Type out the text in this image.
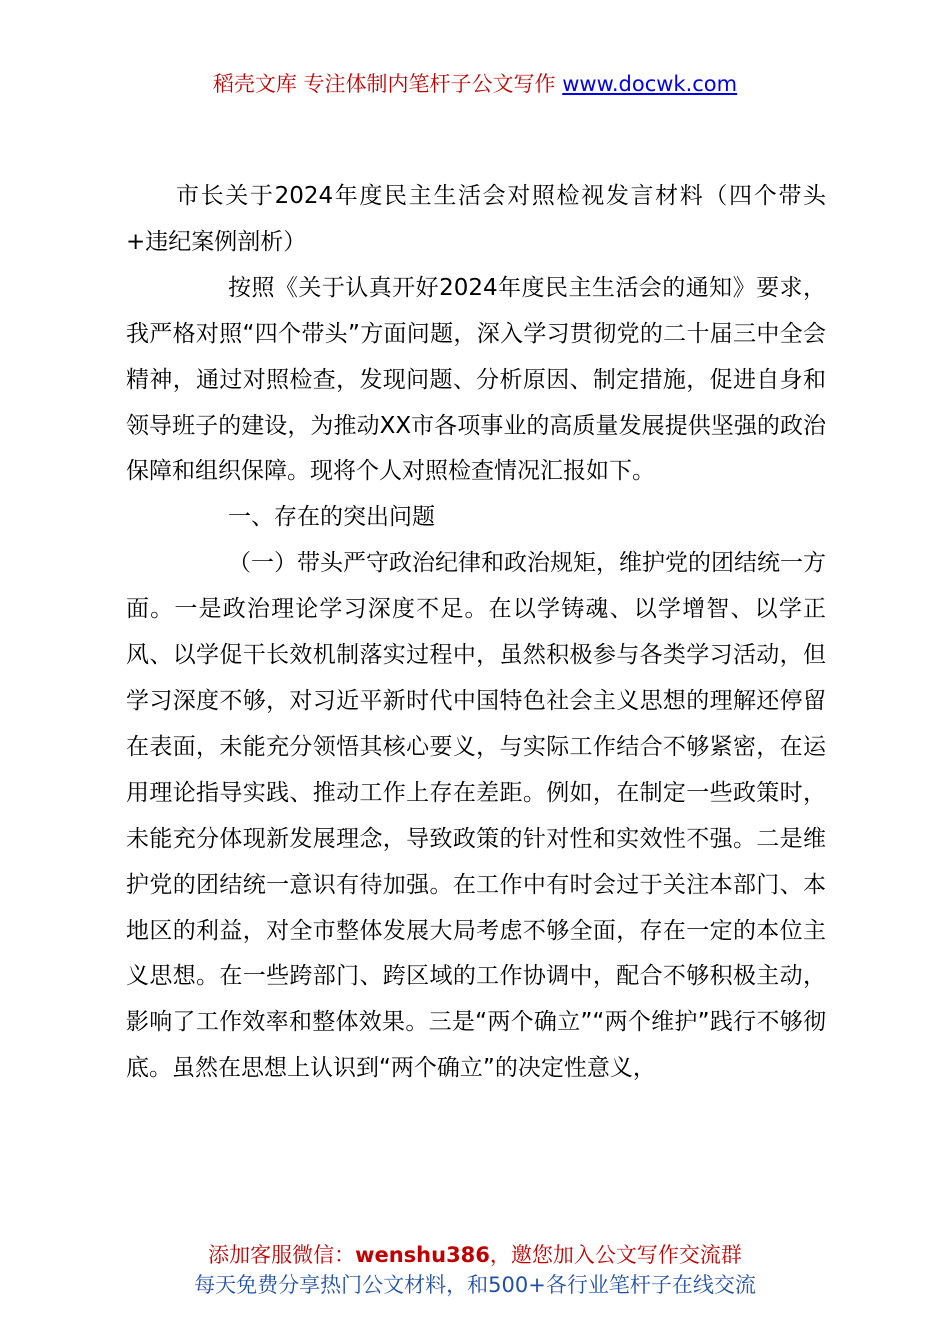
稻壳文库 专注体制内笔杆子公文写作 www.docwk.com

市长关于2024年度民主生活会对照检视发言材料（四个带头+违纪案例剖析）

按照《关于认真开好2024年度民主生活会的通知》要求，我严格对照“四个带头”方面问题，深入学习贯彻党的二十届三中全会精神，通过对照检查，发现问题、分析原因、制定措施，促进自身和领导班子的建设，为推动XX市各项事业的高质量发展提供坚强的政治保障和组织保障。现将个人对照检查情况汇报如下。

一、存在的突出问题

（一）带头严守政治纪律和政治规矩，维护党的团结统一方面。一是政治理论学习深度不足。在以学铸魂、以学增智、以学正风、以学促干长效机制落实过程中，虽然积极参与各类学习活动，但学习深度不够，对习近平新时代中国特色社会主义思想的理解还停留在表面，未能充分领悟其核心要义，与实际工作结合不够紧密，在运用理论指导实践、推动工作上存在差距。例如，在制定一些政策时，未能充分体现新发展理念，导致政策的针对性和实效性不强。二是维护党的团结统一意识有待加强。在工作中有时会过于关注本部门、本地区的利益，对全市整体发展大局考虑不够全面，存在一定的本位主义思想。在一些跨部门、跨区域的工作协调中，配合不够积极主动，影响了工作效率和整体效果。三是“两个确立”“两个维护”践行不够彻底。虽然在思想上认识到“两个确立”的决定性意义，

添加客服微信：wenshu386，邀您加入公文写作交流群
每天免费分享热门公文材料，和500+各行业笔杆子在线交流
